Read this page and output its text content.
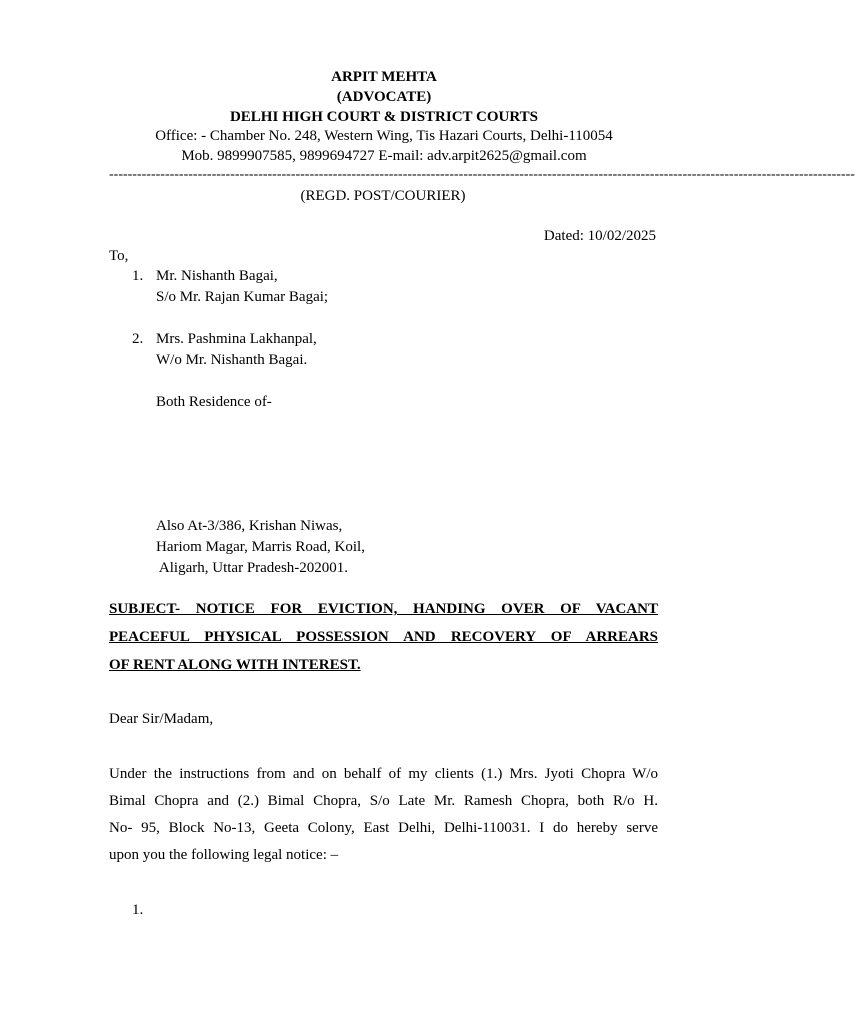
ARPIT MEHTA
(ADVOCATE)
DELHI HIGH COURT & DISTRICT COURTS
Office: - Chamber No. 248, Western Wing, Tis Hazari Courts, Delhi-110054
Mob. 9899907585, 9899694727 E-mail: adv.arpit2625@gmail.com
----------------------------------------------------------------------------------------------------------------------------------------------------------------
(REGD. POST/COURIER)
Dated: 10/02/2025
To,
1. Mr. Nishanth Bagai,
S/o Mr. Rajan Kumar Bagai;
2. Mrs. Pashmina Lakhanpal,
W/o Mr. Nishanth Bagai.
Both Residence of-
Also At-3/386, Krishan Niwas,
Hariom Magar, Marris Road, Koil,
Aligarh, Uttar Pradesh-202001.
SUBJECT- NOTICE FOR EVICTION, HANDING OVER OF VACANT
PEACEFUL PHYSICAL POSSESSION AND RECOVERY OF ARREARS
OF RENT ALONG WITH INTEREST.
Dear Sir/Madam,
Under the instructions from and on behalf of my clients (1.) Mrs. Jyoti Chopra W/o
Bimal Chopra and (2.) Bimal Chopra, S/o Late Mr. Ramesh Chopra, both R/o H.
No- 95, Block No-13, Geeta Colony, East Delhi, Delhi-110031. I do hereby serve
upon you the following legal notice: –
1.
